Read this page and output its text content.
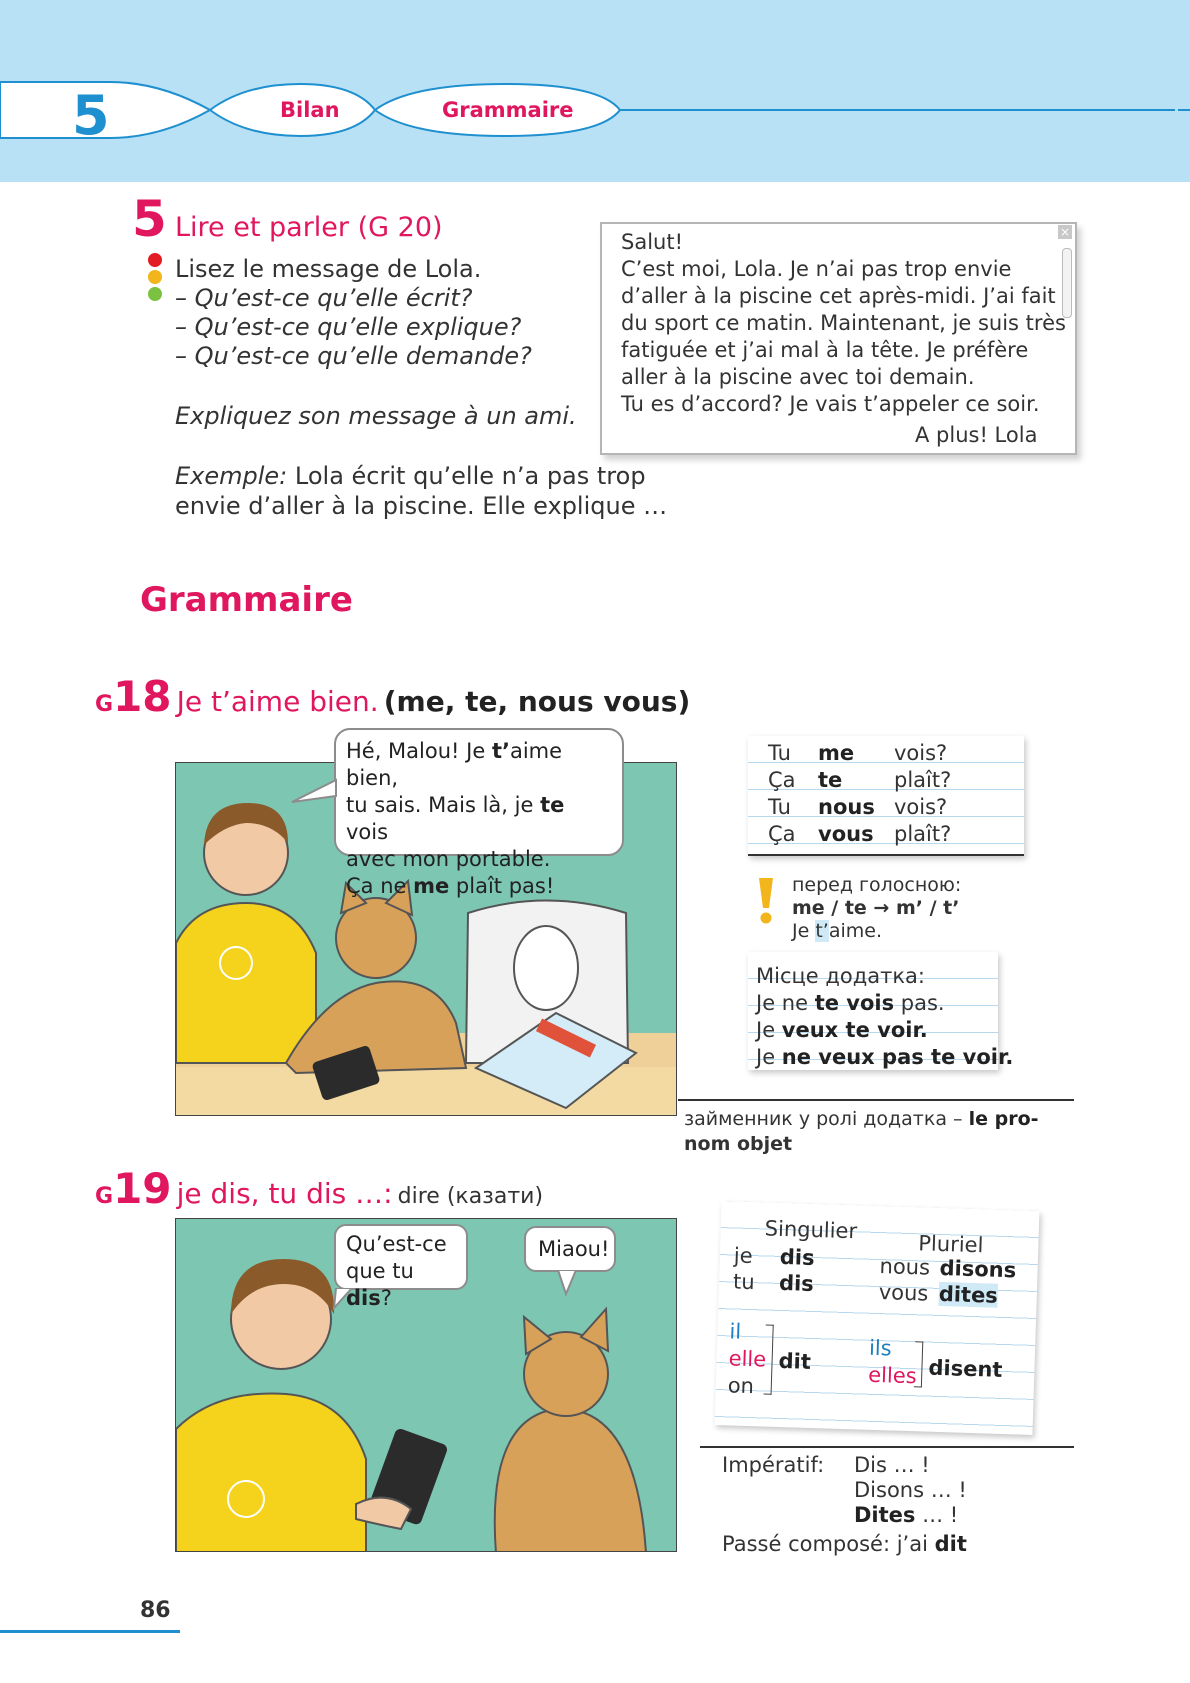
5	Bilan	Grammaire
5 Lire et parler (G 20)
Lisez le message de Lola.
– Qu’est-ce qu’elle écrit?
– Qu’est-ce qu’elle explique?
– Qu’est-ce qu’elle demande?
Expliquez son message à un ami.
Exemple: Lola écrit qu’elle n’a pas trop
envie d’aller à la piscine. Elle explique …
×
Salut!
C’est moi, Lola. Je n’ai pas trop envie
d’aller à la piscine cet après-midi. J’ai fait
du sport ce matin. Maintenant, je suis très
fatiguée et j’ai mal à la tête. Je préfère
aller à la piscine avec toi demain.
Tu es d’accord? Je vais t’appeler ce soir.
A plus! Lola
Grammaire
G18 Je t’aime bien. (me, te, nous vous)
Hé, Malou! Je t’aime bien,
tu sais. Mais là, je te vois
avec mon portable.
Ça ne me plaît pas!
Tu me vois?
Ça te plaît?
Tu nous vois?
Ça vous plaît?
перед голосною:
me / te → m’ / t’
Je t’aime.
Місце додатка:
Je ne te vois pas.
Je veux te voir.
Je ne veux pas te voir.
займенник у ролі додатка – le pro-
nom objet
G19 je dis, tu dis …: dire (казати)
Qu’est-ce
que tu dis?
Miaou!
Singulier
Pluriel
je dis
tu dis
nous disons
vous dites
il
elle
on
dit
ils
elles disent
Impératif: Dis … !
Disons … !
Dites … !
Passé composé: j’ai dit
86
